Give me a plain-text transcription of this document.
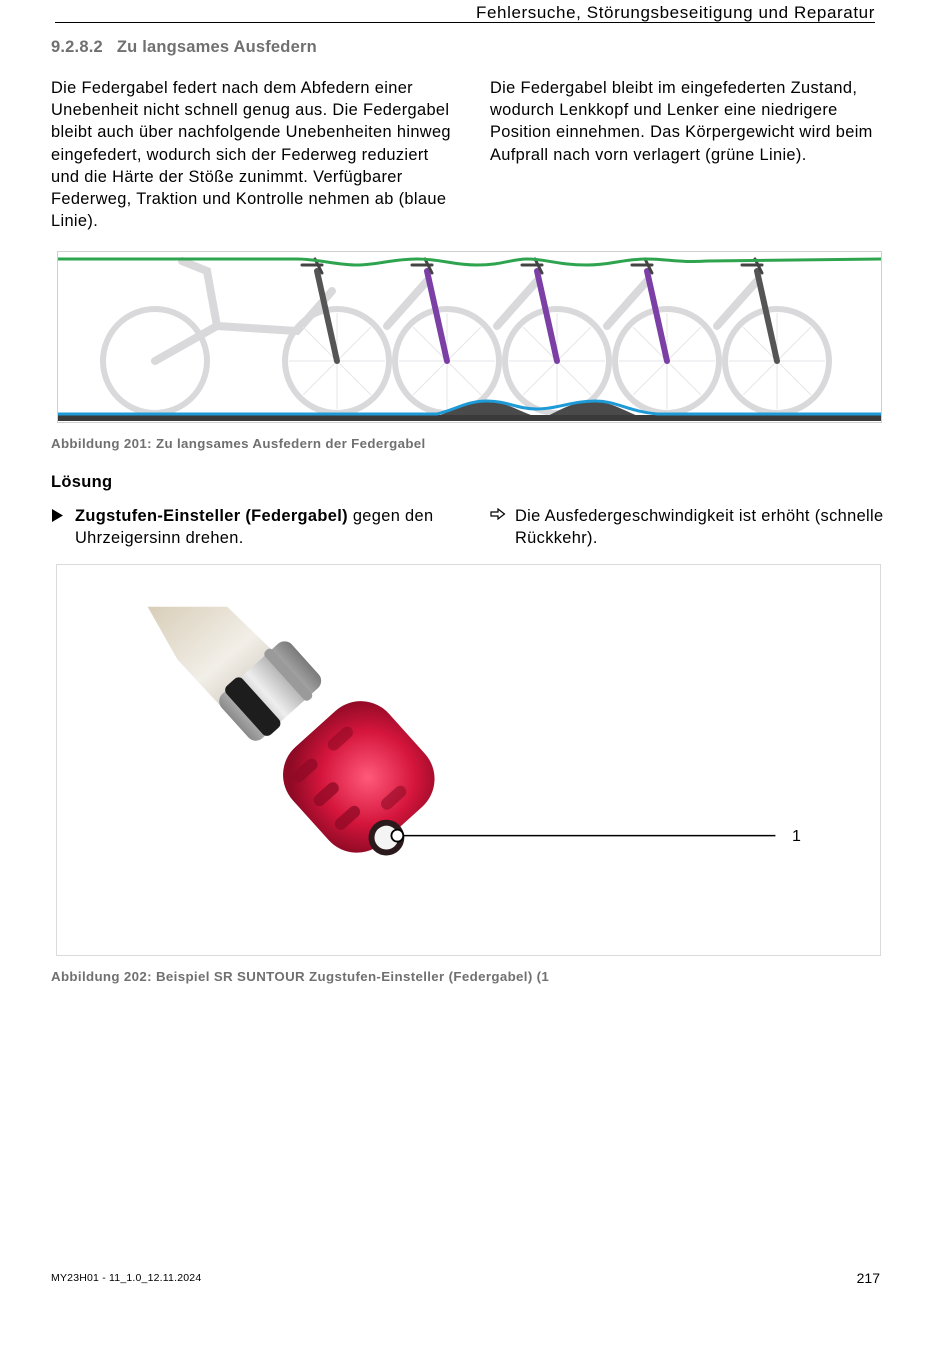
Fehlersuche, Störungsbeseitigung und Reparatur
9.2.8.2 Zu langsames Ausfedern
Die Federgabel federt nach dem Abfedern einer Unebenheit nicht schnell genug aus. Die Federgabel bleibt auch über nachfolgende Unebenheiten hinweg eingefedert, wodurch sich der Federweg reduziert und die Härte der Stöße zunimmt. Verfügbarer Federweg, Traktion und Kontrolle nehmen ab (blaue Linie).
Die Federgabel bleibt im eingefederten Zustand, wodurch Lenkkopf und Lenker eine niedrigere Position einnehmen. Das Körpergewicht wird beim Aufprall nach vorn verlagert (grüne Linie).
Abbildung 201: Zu langsames Ausfedern der Federgabel
Lösung
Zugstufen-Einsteller (Federgabel) gegen den Uhrzeigersinn drehen.
Die Ausfedergeschwindigkeit ist erhöht (schnelle Rückkehr).
1
Abbildung 202: Beispiel SR SUNTOUR Zugstufen-Einsteller (Federgabel) (1
MY23H01 - 11_1.0_12.11.2024	217
